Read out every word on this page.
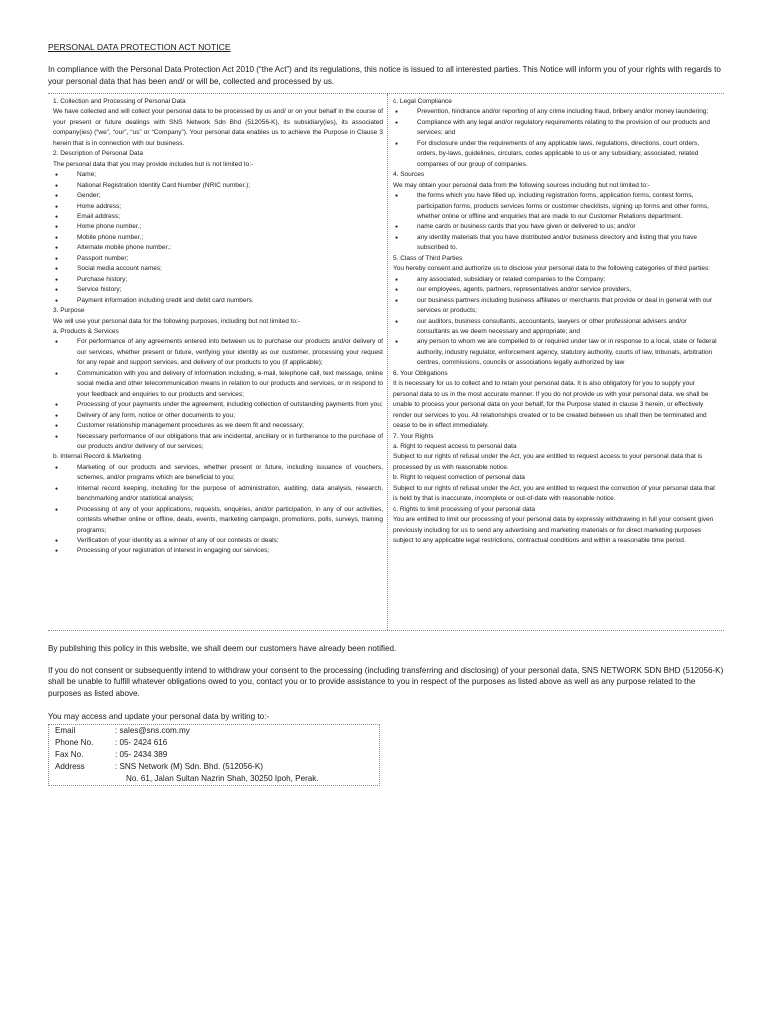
PERSONAL DATA PROTECTION ACT NOTICE
In compliance with the Personal Data Protection Act 2010 (“the Act”) and its regulations, this notice is issued to all interested parties. This Notice will inform you of your rights with regards to your personal data that has been and/ or will be, collected and processed by us.
1. Collection and Processing of Personal Data

We have collected and will collect your personal data to be processed by us and/ or on your behalf in the course of your present or future dealings with SNS Network Sdn Bhd (512056-K), its subsidiary(ies), its associated company(ies) (“we”, “our”, “us” or “Company”). Your personal data enables us to achieve the Purpose in Clause 3 herein that is in connection with our business.

2. Description of Personal Data

The personal data that you may provide includes but is not limited to:-

● Name;
● National Registration Identity Card Number (NRIC number.);
● Gender;
● Home address;
● Email address;
● Home phone number.;
● Mobile phone number.;
● Alternate mobile phone number.;
● Passport number;
● Social media account names;
● Purchase history;
● Service history;
● Payment information including credit and debit card numbers.
3. Purpose

We will use your personal data for the following purposes, including but not limited to:-

a. Products & Services
● For performance of any agreements entered into between us to purchase our products and/or delivery of our services, whether present or future, verifying your identity as our customer, processing your request for any repair and support services, and delivery of our products to you (if applicable);
● Communication with you and delivery of information including, e-mail, telephone call, text message, online social media and other telecommunication means in relation to our products and services, or in respond to your feedback and enquiries to our products and services;
● Processing of your payments under the agreement, including collection of outstanding payments from you;
● Delivery of any form, notice or other documents to you;
● Customer relationship management procedures as we deem fit and necessary;
● Necessary performance of our obligations that are incidental, ancillary or in furtherance to the purchase of our products and/or delivery of our services;
b. Internal Record & Marketing
● Marketing of our products and services, whether present or future, including issuance of vouchers, schemes, and/or programs which are beneficial to you;
● Internal record keeping, including for the purpose of administration, auditing, data analysis, research, benchmarking and/or statistical analysis;
● Processing of any of your applications, requests, enquiries, and/or participation, in any of our activities, contests whether online or offline, deals, events, marketing campaign, promotions, polls, surveys, training programs;
● Verification of your identity as a winner of any of our contests or deals;
● Processing of your registration of interest in engaging our services;
c. Legal Compliance
● Prevention, hindrance and/or reporting of any crime including fraud, bribery and/or money laundering;
● Compliance with any legal and/or regulatory requirements relating to the provision of our products and services; and
● For disclosure under the requirements of any applicable laws, regulations, directions, court orders, orders, by-laws, guidelines, circulars, codes applicable to us or any subsidiary, associated, related companies of our group of companies.
4. Sources

We may obtain your personal data from the following sources including but not limited to:-

● the forms which you have filled up, including registration forms, application forms, contest forms, participation forms, products services forms or customer checklists, signing up forms and other forms, whether online or offline and enquiries that are made to our Customer Relations department.
● name cards or business cards that you have given or delivered to us; and/or
● any identity materials that you have distributed and/or business directory and listing that you have subscribed to.
5. Class of Third Parties

You hereby consent and authorize us to disclose your personal data to the following categories of third parties:

● any associated, subsidiary or related companies to the Company;
● our employees, agents, partners, representatives and/or service providers,
● our business partners including business affiliates or merchants that provide or deal in general with our services or products;
● our auditors, business consultants, accountants, lawyers or other professional advisers and/or consultants as we deem necessary and appropriate; and
● any person to whom we are compelled to or required under law or in response to a local, state or federal authority, industry regulator, enforcement agency, statutory authority, courts of law, tribunals, arbitration centres, commissions, councils or associations legally authorized by law
6. Your Obligations

It is necessary for us to collect and to retain your personal data. It is also obligatory for you to supply your personal data to us in the most accurate manner. If you do not provide us with your personal data, we shall be unable to process your personal data on your behalf, for the Purpose stated in clause 3 herein, or effectively render our services to you. All relationships created or to be created between us shall then be terminated and cease to be in effect immediately.

7. Your Rights
a. Right to request access to personal data

Subject to our rights of refusal under the Act, you are entitled to request access to your personal data that is processed by us with reasonable notice.

b. Right to request correction of personal data

Subject to our rights of refusal under the Act, you are entitled to request the correction of your personal data that is held by that is inaccurate, incomplete or out-of-date with reasonable notice.

c. Rights to limit processing of your personal data

You are entitled to limit our processing of your personal data by expressly withdrawing in full your consent given previously including for us to send any advertising and marketing materials or for direct marketing purposes subject to any applicable legal restrictions, contractual conditions and within a reasonable time period.

By publishing this policy in this website, we shall deem our customers have already been notified.
If you do not consent or subsequently intend to withdraw your consent to the processing (including transferring and disclosing) of your personal data, SNS NETWORK SDN BHD (512056-K) shall be unable to fulfill whatever obligations owed to you, contact you or to provide assistance to you in respect of the purposes as listed above as well as any purpose related to the purposes as listed above.
You may access and update your personal data by writing to:-
Email	: sales@sns.com.my
Phone No.	: 05- 2424 616
Fax No.	: 05- 2434 389
Address	: SNS Network (M) Sdn. Bhd. (512056-K)
No. 61, Jalan Sultan Nazrin Shah, 30250 Ipoh, Perak.
